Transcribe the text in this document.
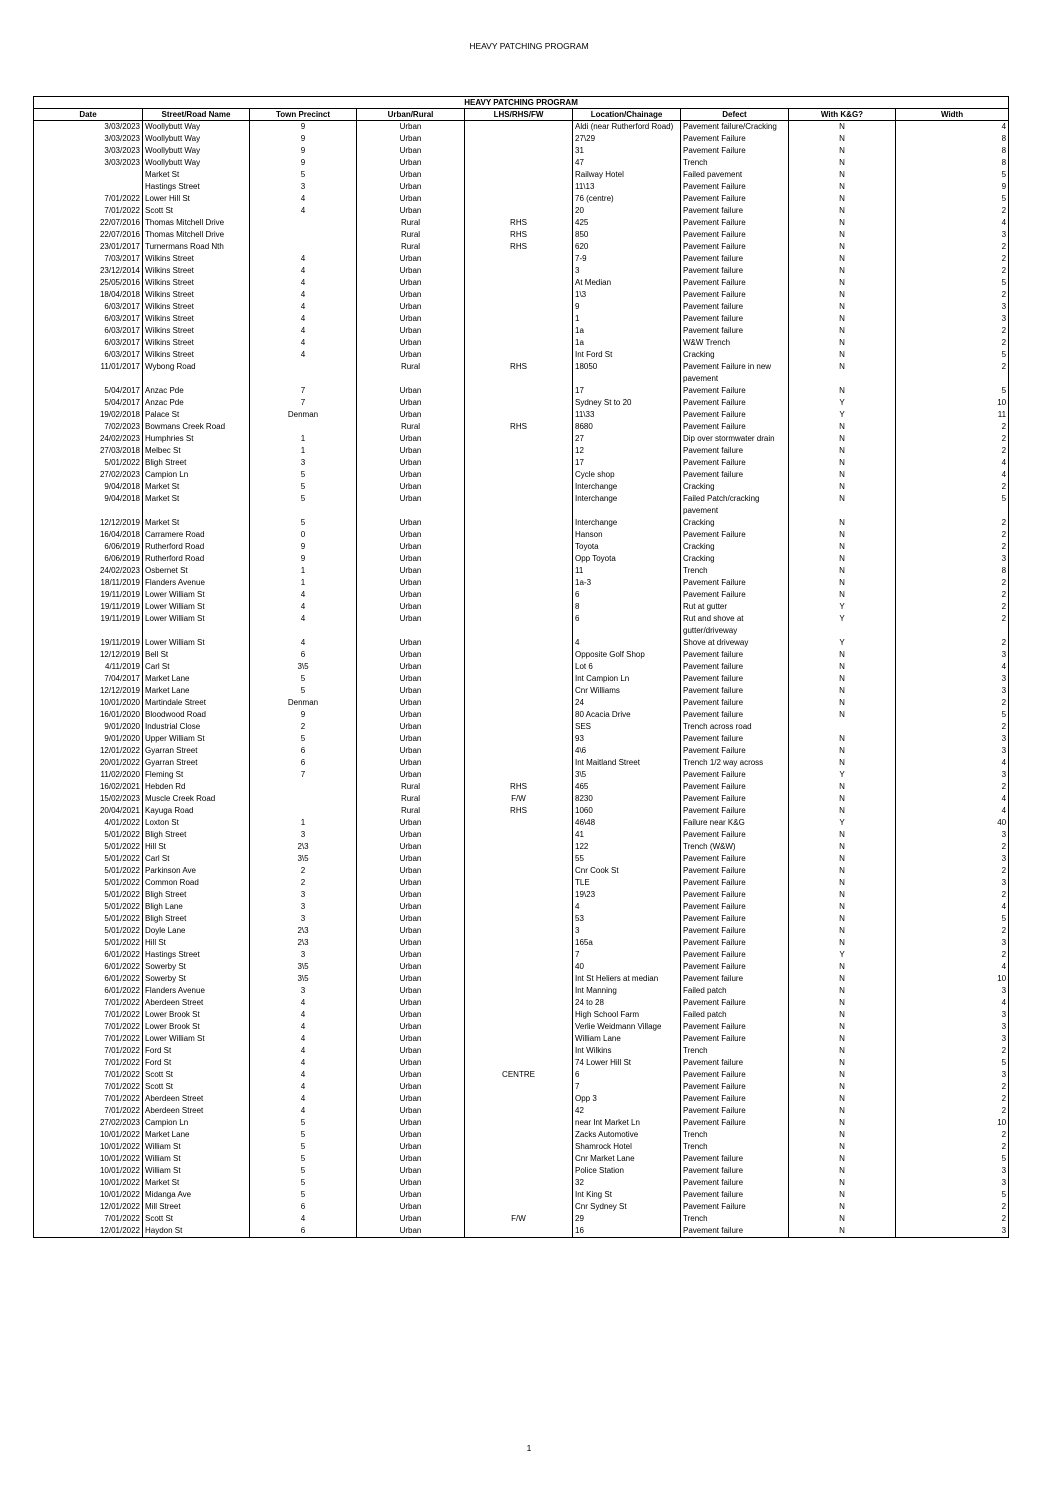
HEAVY PATCHING PROGRAM
HEAVY PATCHING PROGRAM								
Date	Street/Road Name	Town Precinct	Urban/Rural	LHS/RHS/FW	Location/Chainage	Defect	With K&G?	Width
3/03/2023	Woollybutt Way	9	Urban		Aldi (near Rutherford Road)	Pavement failure/Cracking	N	4
3/03/2023	Woollybutt Way	9	Urban		27\29	Pavement Failure	N	8
3/03/2023	Woollybutt Way	9	Urban		31	Pavement Failure	N	8
3/03/2023	Woollybutt Way	9	Urban		47	Trench	N	8
	Market St	5	Urban		Railway Hotel	Failed pavement	N	5
	Hastings Street	3	Urban		11\13	Pavement Failure	N	9
7/01/2022	Lower Hill St	4	Urban		76 (centre)	Pavement Failure	N	5
7/01/2022	Scott St	4	Urban		20	Pavement failure	N	2
22/07/2016	Thomas Mitchell Drive		Rural	RHS	425	Pavement Failure	N	4
22/07/2016	Thomas Mitchell Drive		Rural	RHS	850	Pavement Failure	N	3
23/01/2017	Turnermans Road Nth		Rural	RHS	620	Pavement Failure	N	2
7/03/2017	Wilkins Street	4	Urban		7-9	Pavement failure	N	2
23/12/2014	Wilkins Street	4	Urban		3	Pavement failure	N	2
25/05/2016	Wilkins Street	4	Urban		At Median	Pavement Failure	N	5
18/04/2018	Wilkins Street	4	Urban		1\3	Pavement Failure	N	2
6/03/2017	Wilkins Street	4	Urban		9	Pavement failure	N	3
6/03/2017	Wilkins Street	4	Urban		1	Pavement failure	N	3
6/03/2017	Wilkins Street	4	Urban		1a	Pavement failure	N	2
6/03/2017	Wilkins Street	4	Urban		1a	W&W Trench	N	2
6/03/2017	Wilkins Street	4	Urban		Int Ford St	Cracking	N	5
11/01/2017	Wybong Road		Rural	RHS	18050	Pavement Failure in new pavement	N	2
5/04/2017	Anzac Pde	7	Urban		17	Pavement Failure	N	5
5/04/2017	Anzac Pde	7	Urban		Sydney St to 20	Pavement Failure	Y	10
19/02/2018	Palace St	Denman	Urban		11\33	Pavement Failure	Y	11
7/02/2023	Bowmans Creek Road		Rural	RHS	8680	Pavement Failure	N	2
24/02/2023	Humphries St	1	Urban		27	Dip over stormwater drain	N	2
27/03/2018	Melbec St	1	Urban		12	Pavement failure	N	2
5/01/2022	Bligh Street	3	Urban		17	Pavement Failure	N	4
27/02/2023	Campion Ln	5	Urban		Cycle shop	Pavement failure	N	4
9/04/2018	Market St	5	Urban		Interchange	Cracking	N	2
9/04/2018	Market St	5	Urban		Interchange	Failed Patch/cracking pavement	N	5
12/12/2019	Market St	5	Urban		Interchange	Cracking	N	2
16/04/2018	Carramere Road	0	Urban		Hanson	Pavement Failure	N	2
6/06/2019	Rutherford Road	9	Urban		Toyota	Cracking	N	2
6/06/2019	Rutherford Road	9	Urban		Opp Toyota	Cracking	N	3
24/02/2023	Osbernet St	1	Urban		11	Trench	N	8
18/11/2019	Flanders Avenue	1	Urban		1a-3	Pavement Failure	N	2
19/11/2019	Lower William St	4	Urban		6	Pavement Failure	N	2
19/11/2019	Lower William St	4	Urban		8	Rut at gutter	Y	2
19/11/2019	Lower William St	4	Urban		6	Rut and shove at gutter/driveway	Y	2
19/11/2019	Lower William St	4	Urban		4	Shove at driveway	Y	2
12/12/2019	Bell St	6	Urban		Opposite Golf Shop	Pavement failure	N	3
4/11/2019	Carl St	3\5	Urban		Lot 6	Pavement failure	N	4
7/04/2017	Market Lane	5	Urban		Int Campion Ln	Pavement failure	N	3
12/12/2019	Market Lane	5	Urban		Cnr Williams	Pavement failure	N	3
10/01/2020	Martindale Street	Denman	Urban		24	Pavement failure	N	2
16/01/2020	Bloodwood Road	9	Urban		80 Acacia Drive	Pavement failure	N	5
9/01/2020	Industrial Close	2	Urban		SES	Trench across road		2
9/01/2020	Upper William St	5	Urban		93	Pavement failure	N	3
12/01/2022	Gyarran Street	6	Urban		4\6	Pavement Failure	N	3
20/01/2022	Gyarran Street	6	Urban		Int Maitland Street	Trench 1/2 way across	N	4
11/02/2020	Fleming St	7	Urban		3\5	Pavement Failure	Y	3
16/02/2021	Hebden Rd		Rural	RHS	465	Pavement Failure	N	2
15/02/2023	Muscle Creek Road		Rural	F/W	8230	Pavement Failure	N	4
20/04/2021	Kayuga Road		Rural	RHS	1060	Pavement Failure	N	4
4/01/2022	Loxton St	1	Urban		46\48	Failure near K&G	Y	40
5/01/2022	Bligh Street	3	Urban		41	Pavement Failure	N	3
5/01/2022	Hill St	2\3	Urban		122	Trench (W&W)	N	2
5/01/2022	Carl St	3\5	Urban		55	Pavement Failure	N	3
5/01/2022	Parkinson Ave	2	Urban		Cnr Cook St	Pavement Failure	N	2
5/01/2022	Common Road	2	Urban		TLE	Pavement Failure	N	3
5/01/2022	Bligh Street	3	Urban		19\23	Pavement Failure	N	2
5/01/2022	Bligh Lane	3	Urban		4	Pavement Failure	N	4
5/01/2022	Bligh Street	3	Urban		53	Pavement Failure	N	5
5/01/2022	Doyle Lane	2\3	Urban		3	Pavement Failure	N	2
5/01/2022	Hill St	2\3	Urban		165a	Pavement Failure	N	3
6/01/2022	Hastings Street	3	Urban		7	Pavement Failure	Y	2
6/01/2022	Sowerby St	3\5	Urban		40	Pavement Failure	N	4
6/01/2022	Sowerby St	3\5	Urban		Int St Heliers at median	Pavement failure	N	10
6/01/2022	Flanders Avenue	3	Urban		Int Manning	Failed patch	N	3
7/01/2022	Aberdeen Street	4	Urban		24 to 28	Pavement Failure	N	4
7/01/2022	Lower Brook St	4	Urban		High School Farm	Failed patch	N	3
7/01/2022	Lower Brook St	4	Urban		Verlie Weidmann Village	Pavement Failure	N	3
7/01/2022	Lower William St	4	Urban		William Lane	Pavement Failure	N	3
7/01/2022	Ford St	4	Urban		Int Wilkins	Trench	N	2
7/01/2022	Ford St	4	Urban		74 Lower Hill St	Pavement failure	N	5
7/01/2022	Scott St	4	Urban	CENTRE	6	Pavement Failure	N	3
7/01/2022	Scott St	4	Urban		7	Pavement Failure	N	2
7/01/2022	Aberdeen Street	4	Urban		Opp 3	Pavement Failure	N	2
7/01/2022	Aberdeen Street	4	Urban		42	Pavement Failure	N	2
27/02/2023	Campion Ln	5	Urban		near Int Market Ln	Pavement Failure	N	10
10/01/2022	Market Lane	5	Urban		Zacks Automotive	Trench	N	2
10/01/2022	William St	5	Urban		Shamrock Hotel	Trench	N	2
10/01/2022	William St	5	Urban		Cnr Market Lane	Pavement failure	N	5
10/01/2022	William St	5	Urban		Police Station	Pavement failure	N	3
10/01/2022	Market St	5	Urban		32	Pavement failure	N	3
10/01/2022	Midanga Ave	5	Urban		Int King St	Pavement failure	N	5
12/01/2022	Mill Street	6	Urban		Cnr Sydney St	Pavement Failure	N	2
7/01/2022	Scott St	4	Urban	F/W	29	Trench	N	2
12/01/2022	Haydon St	6	Urban		16	Pavement failure	N	3
1
